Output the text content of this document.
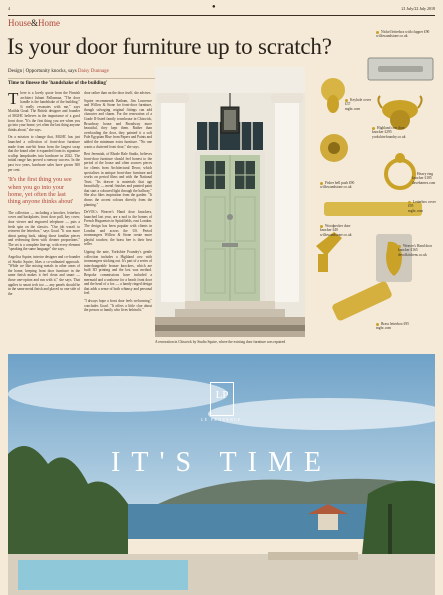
4	●	21 July/22 July 2018
House&Home
Is your door furniture up to scratch?
Design | Opportunity knocks, says Daisy Dunnage
Time to finesse the 'handshake of the building'

There is a lovely quote from the Finnish architect Juhani Pallasmaa, "The door handle is the handshake of the building." It really resonates with me," says Matilda Goad. The British designer and founder of MGHC believes in the importance of a good front door. "It's the first thing you see when you go into your home, yet often the last thing anyone thinks about," she says.

On a mission to change that, MGHC has just launched a collection of front-door furniture made from rust-hit brass from the largest scrap that the brand after it expanded from its signature scallop lampshades into hardware in 2022. The initial range has proved a runway success. In the past two years, hardware sales have grown 300 per cent.

'It's the first thing you see when you go into your home, yet often the last thing anyone thinks about'

The collection — including a knocker, letterbox cover and backplates, front door pull, key cover, door viewer and engraved telephone — puts a fresh spin on the classics. "Our job wasn't to reinvent the letterbox," says Goad. "It was more about paring back, taking those familiar pieces and redrawing them with cleaner proportions." The set is a complete line-up, with every element "speaking the same language" she says.

Angelica Squire, interior designer and co-founder of Studio Squire, likes a co-ordinated approach. "While we like mixing metals in other areas of the home, keeping front door furniture in the same finish makes it feel clean and smart — those one-option and run with it," she says. That applies to smart tech too — any panels should be in the same metal finish and placed so one side of the

door rather than on the door itself, she advises.

Squire recommends Batham, Jim Lawrence and Willow & Stone for front-door furniture, though salvaging original fittings can add character and charm. For the renovation of a Grade II-listed family townhouse in Chiswick, Broadway house and Broadway more beautiful, they kept them. Rather than overloading the door, they painted it a soft Pale Egyptian Blue from Papers and Paints and added the minimum extra furniture. "No one wants a cluttered front door," she says.

Bert Jeremiah, of Rhode Hale Studio, believes front-door furniture should feel honest to the period of the house and often sources pieces for clients from Architectural Decor, which specialises in antique front-door furniture and works on period films and with the National Trust. "Its drawer is materials that age beautifully — metal finishes and painted paint that start a coloured light through the hallway." She also likes inspiration from the garden. "It draws the accent colours directly from the planting."

DeVOL's Weaver's Hand door knockers, launched last year, are a nod to the homes of French Huguenots in Spitalfields, east London. The design has been popular with clients in London and across the US. Period ironmongers Willow & Stone create more playful touches; the brass bee is their best seller.

Upping the ante, Yorkshire Foundry's gentle collection includes a Highland cow with ironmongers sticking out. It's part of a series of interchangeable bronze knockers, which are built 3D printing and the lost wax method. Bespoke commissions have included a mermaid and a seahorse for a beach front door and the head of a fox — a handy ringed design that adds a sense of both whimsy and personal feel.

"I always hope a front door feels welcoming," concludes Goad. "It offers a little clue about the person or family who lives behind it."

A renovation in Chiswick by Studio Squire, where the existing door furniture was repaired
Nickel letterbox with clapper £90
willowandstone.co.uk
Keyhole cover £37
mghc.com
Highland cow door knocker £295
yorkshirefoundry.co.uk
Heavy ring knocker £185
davebarnes.com
Fisher bell push £90
willowandstone.co.uk
Letterbox cover £95
mghc.com
Woodpecker door knocker £40
willowandstone.co.uk
Weaver's Hand door knocker £165
devolkitchens.co.uk
Brass letterbox £95
mghc.com
LP
LE PROVENCE
IT'S TIME
